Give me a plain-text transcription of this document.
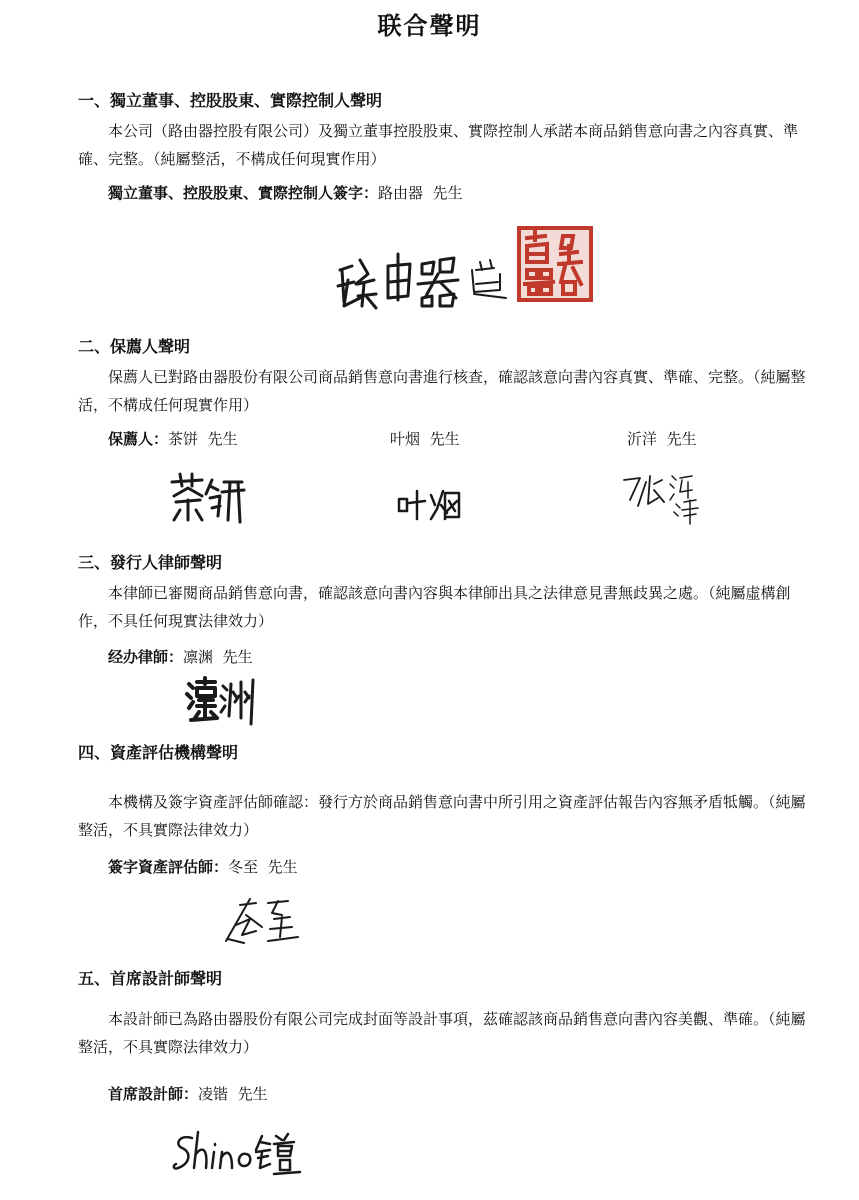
联合聲明
一、獨立董事、控股股東、實際控制人聲明
本公司（路由器控股有限公司）及獨立董事控股股東、實際控制人承諾本商品銷售意向書之內容真實、準確、完整。（純屬整活，不構成任何現實作用）
獨立董事、控股股東、實際控制人簽字：路由器 先生
二、保薦人聲明
保薦人已對路由器股份有限公司商品銷售意向書進行核查，確認該意向書內容真實、準確、完整。（純屬整活，不構成任何現實作用）
保薦人：茶饼 先生	叶烟 先生	沂洋 先生
三、發行人律師聲明
本律師已審閱商品銷售意向書，確認該意向書內容與本律師出具之法律意見書無歧異之處。（純屬虛構創作，不具任何現實法律效力）
经办律師：凛渊 先生
四、資產評估機構聲明
本機構及簽字資產評估師確認：發行方於商品銷售意向書中所引用之資產評估報告內容無矛盾牴觸。（純屬整活，不具實際法律效力）
簽字資產評估師：冬至 先生
五、首席設計師聲明
本設計師已為路由器股份有限公司完成封面等設計事項，茲確認該商品銷售意向書內容美觀、準確。（純屬整活，不具實際法律效力）
首席設計師：凌锴 先生
